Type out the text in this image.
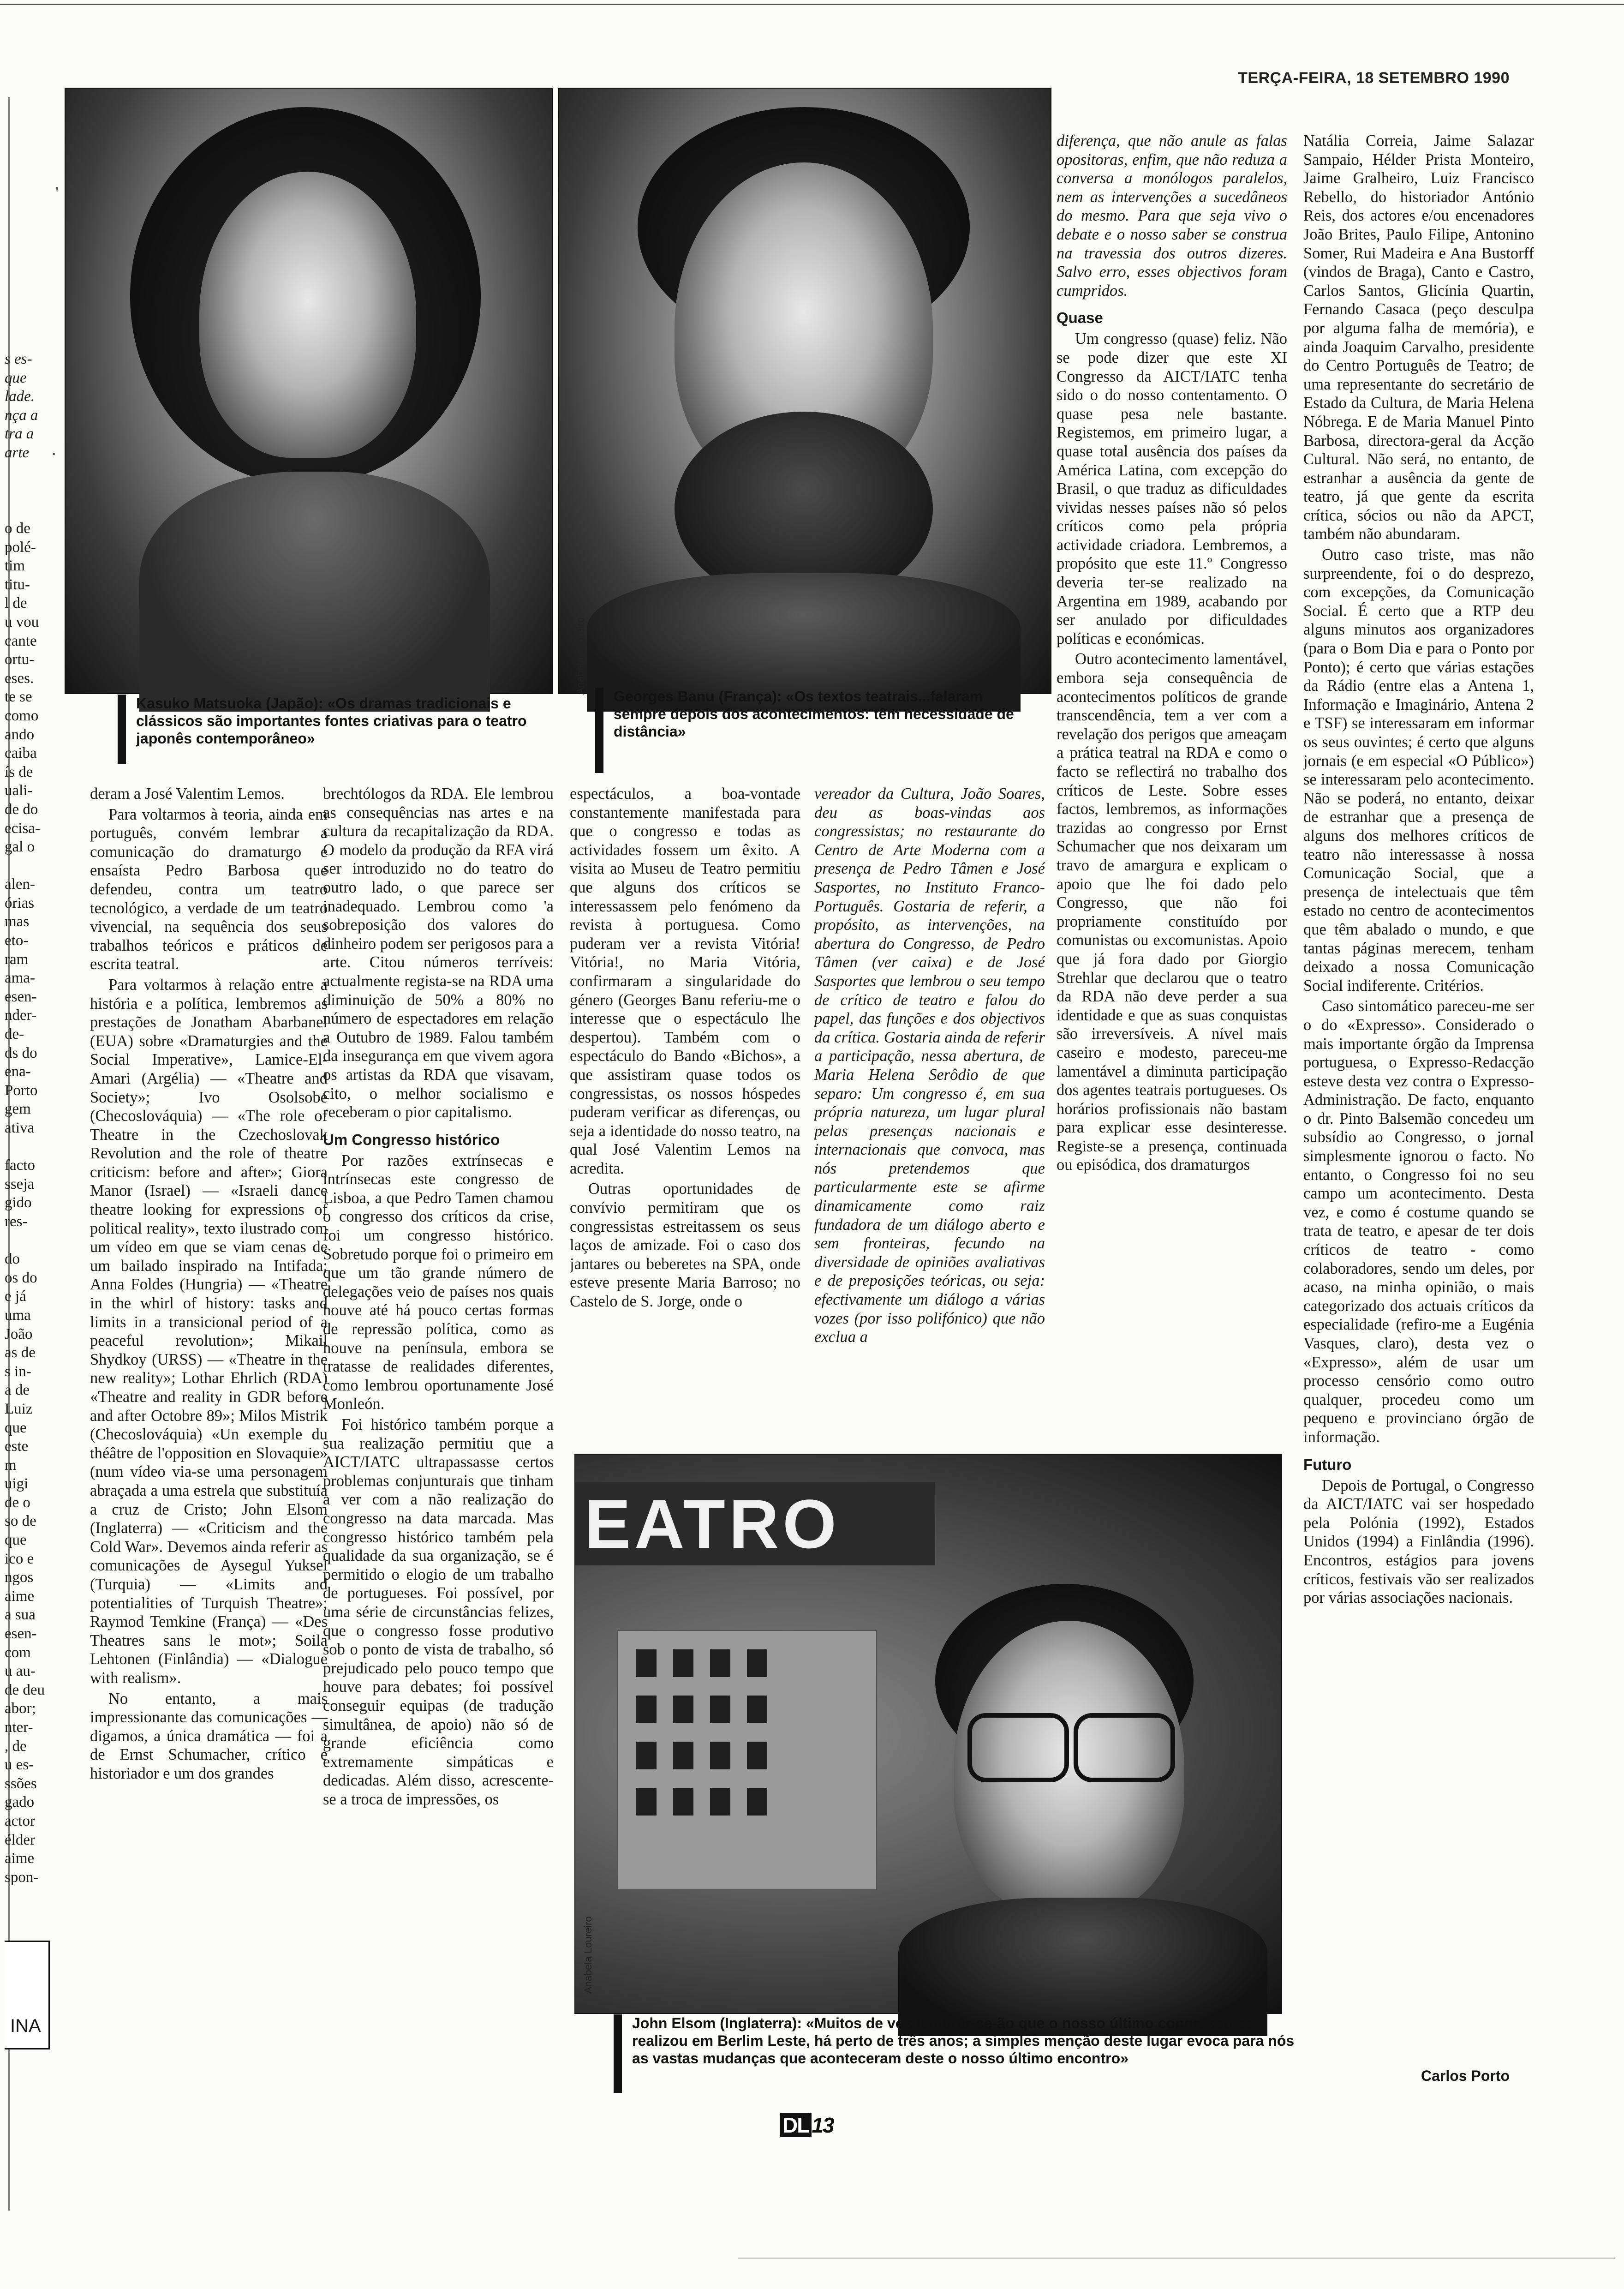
'
·
TERÇA-FEIRA, 18 SETEMBRO 1990
s es-
que
lade.
nça a
tra a
arte
o de
polé-
tim
titu-
l de
u vou
cante
ortu-
eses.
te se
como
ando
caiba
ís de
uali-
de do
ecisa-
gal o

alen-
órias
mas
eto-
ram
ama-
esen-
nder-
de-
ds do
ena-
Porto
gem
ativa

facto
sseja
gido
res-

do
os do
e já
uma
João
as de
s in-
a de
Luiz
que
este
m
uigi
de o
so de
que
ico e
ngos
aime
a sua
esen-
com
u au-
de deu
abor;
nter-
, de
u es-
ssões
gado
actor
élder
aime
spon-
INA
Kasuko Matsuoka (Japão): «Os dramas tradicionais e clássicos são importantes fontes criativas para o teatro japonês contemporâneo»
Anabela Loureiro
Georges Banu (França): «Os textos teatrais...falaram sempre depois dos acontecimentos: têm necessidade de distância»

deram a José Valentim Lemos.

Para voltarmos à teoria, ainda em português, convém lembrar a comunicação do dramaturgo e ensaísta Pedro Barbosa que defendeu, contra um teatro tecnológico, a verdade de um teatro vivencial, na sequência dos seus trabalhos teóricos e práticos de escrita teatral.

Para voltarmos à relação entre a história e a política, lembremos as prestações de Jonatham Abarbanel (EUA) sobre «Dramaturgies and the Social Imperative», Lamice-El-Amari (Argélia) — «Theatre and Society»; Ivo Osolsobé (Checoslováquia) — «The role of Theatre in the Czechoslovak Revolution and the role of theatre criticism: before and after»; Giora Manor (Israel) — «Israeli dance theatre looking for expressions of political reality», texto ilustrado com um vídeo em que se viam cenas de um bailado inspirado na Intifada; Anna Foldes (Hungria) — «Theatre in the whirl of history: tasks and limits in a transicional period of a peaceful revolution»; Mikail Shydkoy (URSS) — «Theatre in the new reality»; Lothar Ehrlich (RDA) «Theatre and reality in GDR before and after Octobre 89»; Milos Mistrik (Checoslováquia) «Un exemple du théâtre de l'opposition en Slovaquie» (num vídeo via-se uma personagem abraçada a uma estrela que substituía a cruz de Cristo; John Elsom (Inglaterra) — «Criticism and the Cold War». Devemos ainda referir as comunicações de Aysegul Yuksel (Turquia) — «Limits and potentialities of Turquish Theatre»; Raymod Temkine (França) — «Des Theatres sans le mot»; Soila Lehtonen (Finlândia) — «Dialogue with realism».

No entanto, a mais impressionante das comunicações — digamos, a única dramática — foi a de Ernst Schumacher, crítico e historiador e um dos grandes

brechtólogos da RDA. Ele lembrou as consequências nas artes e na cultura da recapitalização da RDA. O modelo da produção da RFA virá ser introduzido no do teatro do outro lado, o que parece ser inadequado. Lembrou como 'a sobreposição dos valores do dinheiro podem ser perigosos para a arte. Citou números terríveis: actualmente registа-se na RDA uma diminuição de 50% a 80% no número de espectadores em relação a Outubro de 1989. Falou também da insegurança em que vivem agora os artistas da RDA que visavam, cito, o melhor socialismo e receberam o pior capitalismo.

Um Congresso histórico

Por razões extrínsecas e intrínsecas este congresso de Lisboa, a que Pedro Tamen chamou o congresso dos críticos da crise, foi um congresso histórico. Sobretudo porque foi o primeiro em que um tão grande número de delegações veio de países nos quais houve até há pouco certas formas de repressão política, como as houve na península, embora se tratasse de realidades diferentes, como lembrou oportunamente José Monleón.

Foi histórico também porque a sua realização permitiu que a AICT/IATC ultrapassasse certos problemas conjunturais que tinham a ver com a não realização do congresso na data marcada. Mas congresso histórico também pela qualidade da sua organização, se é permitido o elogio de um trabalho de portugueses. Foi possível, por uma série de circunstâncias felizes, que o congresso fosse produtivo sob o ponto de vista de trabalho, só prejudicado pelo pouco tempo que houve para debates; foi possível conseguir equipas (de tradução simultânea, de apoio) não só de grande eficiência como extremamente simpáticas e dedicadas. Além disso, acrescente-se a troca de impressões, os

espectáculos, a boa-vontade constantemente manifestada para que o congresso e todas as actividades fossem um êxito. A visita ao Museu de Teatro permitiu que alguns dos críticos se interessassem pelo fenómeno da revista à portuguesa. Como puderam ver a revista Vitória! Vitória!, no Maria Vitória, confirmaram a singularidade do género (Georges Banu referiu-me o interesse que o espectáculo lhe despertou). Também com o espectáculo do Bando «Bichos», a que assistiram quase todos os congressistas, os nossos hóspedes puderam verificar as diferenças, ou seja a identidade do nosso teatro, na qual José Valentim Lemos na acredita.

Outras oportunidades de convívio permitiram que os congressistas estreitassem os seus laços de amizade. Foi o caso dos jantares ou beberetes na SPA, onde esteve presente Maria Barroso; no Castelo de S. Jorge, onde o

vereador da Cultura, João Soares, deu as boas-vindas aos congressistas; no restaurante do Centro de Arte Moderna com a presença de Pedro Tâmen e José Sasportes, no Instituto Franco-Português. Gostaria de referir, a propósito, as intervenções, na abertura do Congresso, de Pedro Tâmen (ver caixa) e de José Sasportes que lembrou o seu tempo de crítico de teatro e falou do papel, das funções e dos objectivos da crítica. Gostaria ainda de referir a participação, nessa abertura, de Maria Helena Serôdio de que separo: Um congresso é, em sua própria natureza, um lugar plural pelas presenças nacionais e internacionais que convoca, mas nós pretendemos que particularmente este se afirme dinamicamente como raiz fundadora de um diálogo aberto e sem fronteiras, fecundo na diversidade de opiniões avaliativas e de preposições teóricas, ou seja: efectivamente um diálogo a várias vozes (por isso polifónico) que não exclua a

diferença, que não anule as falas opositoras, enfim, que não reduza a conversa a monólogos paralelos, nem as intervenções a sucedâneos do mesmo. Para que seja vivo o debate e o nosso saber se construa na travessia dos outros dizeres. Salvo erro, esses objectivos foram cumpridos.

Quase

Um congresso (quase) feliz. Não se pode dizer que este XI Congresso da AICT/IATC tenha sido o do nosso contentamento. O quase pesa nele bastante. Registemos, em primeiro lugar, a quase total ausência dos países da América Latina, com excepção do Brasil, o que traduz as dificuldades vividas nesses países não só pelos críticos como pela própria actividade criadora. Lembremos, a propósito que este 11.º Congresso deveria ter-se realizado na Argentina em 1989, acabando por ser anulado por dificuldades políticas e económicas.

Outro acontecimento lamentável, embora seja consequência de acontecimentos políticos de grande transcendência, tem a ver com a revelação dos perigos que ameaçam a prática teatral na RDA e como o facto se reflectirá no trabalho dos críticos de Leste. Sobre esses factos, lembremos, as informações trazidas ao congresso por Ernst Schumacher que nos deixaram um travo de amargura e explicam o apoio que lhe foi dado pelo Congresso, que não foi propriamente constituído por comunistas ou excomunistas. Apoio que já fora dado por Giorgio Strehlar que declarou que o teatro da RDA não deve perder a sua identidade e que as suas conquistas são irreversíveis. A nível mais caseiro e modesto, pareceu-me lamentável a diminuta participação dos agentes teatrais portugueses. Os horários profissionais não bastam para explicar esse desinteresse. Registe-se a presença, continuada ou episódica, dos dramaturgos

Natália Correia, Jaime Salazar Sampaio, Hélder Prista Monteiro, Jaime Gralheiro, Luiz Francisco Rebello, do historiador António Reis, dos actores e/ou encenadores João Brites, Paulo Filipe, Antonino Somer, Rui Madeira e Ana Bustorff (vindos de Braga), Canto e Castro, Carlos Santos, Glicínia Quartin, Fernando Casaca (peço desculpa por alguma falha de memória), e ainda Joaquim Carvalho, presidente do Centro Português de Teatro; de uma representante do secretário de Estado da Cultura, de Maria Helena Nóbrega. E de Maria Manuel Pinto Barbosa, directora-geral da Acção Cultural. Não será, no entanto, de estranhar a ausência da gente de teatro, já que gente da escrita crítica, sócios ou não da APCT, também não abundaram.

Outro caso triste, mas não surpreendente, foi o do desprezo, com excepções, da Comunicação Social. É certo que a RTP deu alguns minutos aos organizadores (para o Bom Dia e para o Ponto por Ponto); é certo que várias estações da Rádio (entre elas a Antena 1, Informação e Imaginário, Antena 2 e TSF) se interessaram em informar os seus ouvintes; é certo que alguns jornais (e em especial «O Público») se interessaram pelo acontecimento. Não se poderá, no entanto, deixar de estranhar que a presença de alguns dos melhores críticos de teatro não interessasse à nossa Comunicação Social, que a presença de intelectuais que têm estado no centro de acontecimentos que têm abalado o mundo, e que tantas páginas merecem, tenham deixado a nossa Comunicação Social indiferente. Critérios.

Caso sintomático pareceu-me ser o do «Expresso». Considerado o mais importante órgão da Imprensa portuguesa, o Expresso-Redacção esteve desta vez contra o Expresso-Administração. De facto, enquanto o dr. Pinto Balsemão concedeu um subsídio ao Congresso, o jornal simplesmente ignorou o facto. No entanto, o Congresso foi no seu campo um acontecimento. Desta vez, e como é costume quando se trata de teatro, e apesar de ter dois críticos de teatro - como colaboradores, sendo um deles, por acaso, na minha opinião, o mais categorizado dos actuais críticos da especialidade (refiro-me a Eugénia Vasques, claro), desta vez o «Expresso», além de usar um processo censório como outro qualquer, procedeu como um pequeno e provinciano órgão de informação.

Futuro

Depois de Portugal, o Congresso da AICT/IATC vai ser hospedado pela Polónia (1992), Estados Unidos (1994) a Finlândia (1996). Encontros, estágios para jovens críticos, festivais vão ser realizados por várias associações nacionais.

Carlos Porto
EATRO
Anabela Loureiro
John Elsom (Inglaterra): «Muitos de vós lembrar-se-ão que o nosso último congresso se realizou em Berlim Leste, há perto de três anos; a simples menção deste lugar evoca para nós as vastas mudanças que aconteceram deste o nosso último encontro»
DL 13
